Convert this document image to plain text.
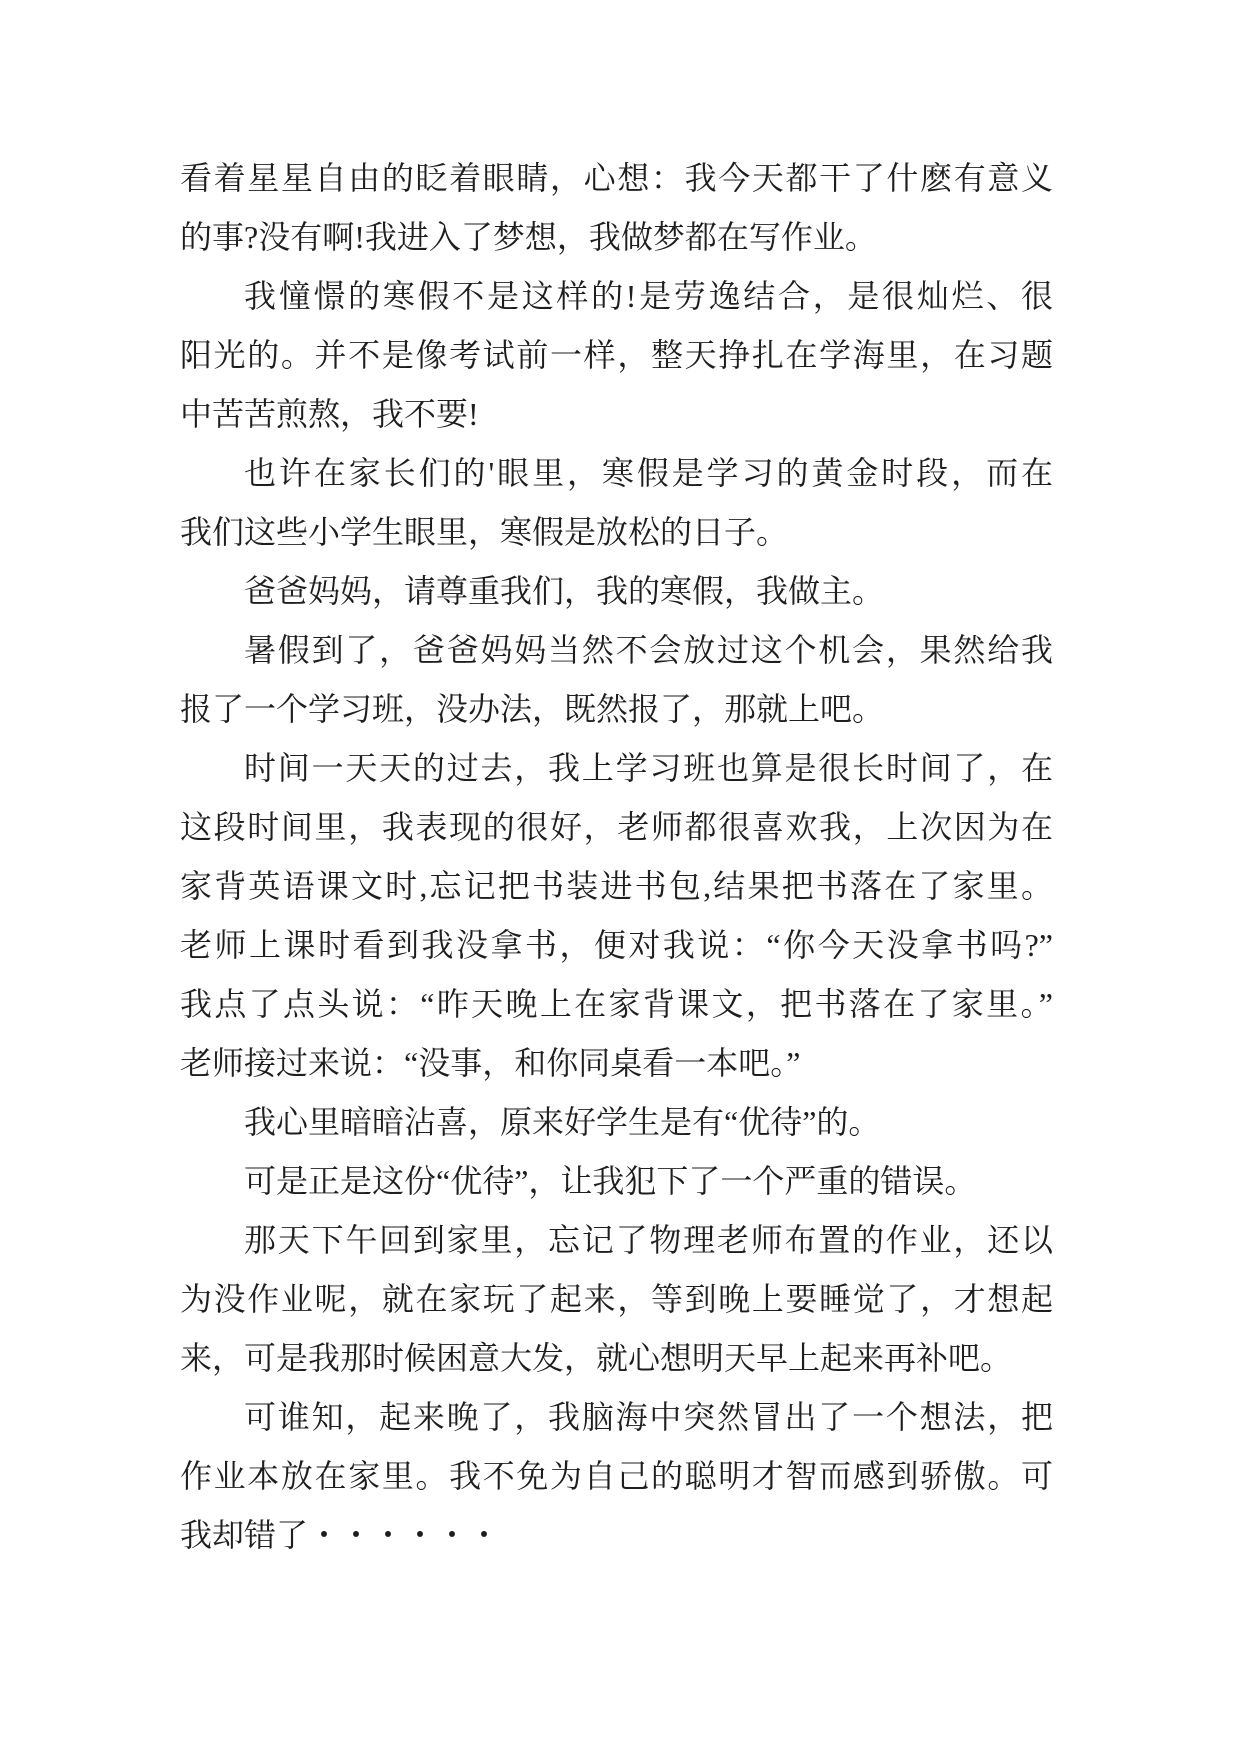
看着星星自由的眨着眼睛，心想：我今天都干了什麽有意义
的事?没有啊!我进入了梦想，我做梦都在写作业。
我憧憬的寒假不是这样的!是劳逸结合，是很灿烂、很
阳光的。并不是像考试前一样，整天挣扎在学海里，在习题
中苦苦煎熬，我不要!
也许在家长们的'眼里，寒假是学习的黄金时段，而在
我们这些小学生眼里，寒假是放松的日子。
爸爸妈妈，请尊重我们，我的寒假，我做主。
暑假到了，爸爸妈妈当然不会放过这个机会，果然给我
报了一个学习班，没办法，既然报了，那就上吧。
时间一天天的过去，我上学习班也算是很长时间了，在
这段时间里，我表现的很好，老师都很喜欢我，上次因为在
家背英语课文时,忘记把书装进书包,结果把书落在了家里。
老师上课时看到我没拿书，便对我说：“你今天没拿书吗?”
我点了点头说：“昨天晚上在家背课文，把书落在了家里。”
老师接过来说：“没事，和你同桌看一本吧。”
我心里暗暗沾喜，原来好学生是有“优待”的。
可是正是这份“优待”，让我犯下了一个严重的错误。
那天下午回到家里，忘记了物理老师布置的作业，还以
为没作业呢，就在家玩了起来，等到晚上要睡觉了，才想起
来，可是我那时候困意大发，就心想明天早上起来再补吧。
可谁知，起来晚了，我脑海中突然冒出了一个想法，把
作业本放在家里。我不免为自己的聪明才智而感到骄傲。可
我却错了・・・・・・
